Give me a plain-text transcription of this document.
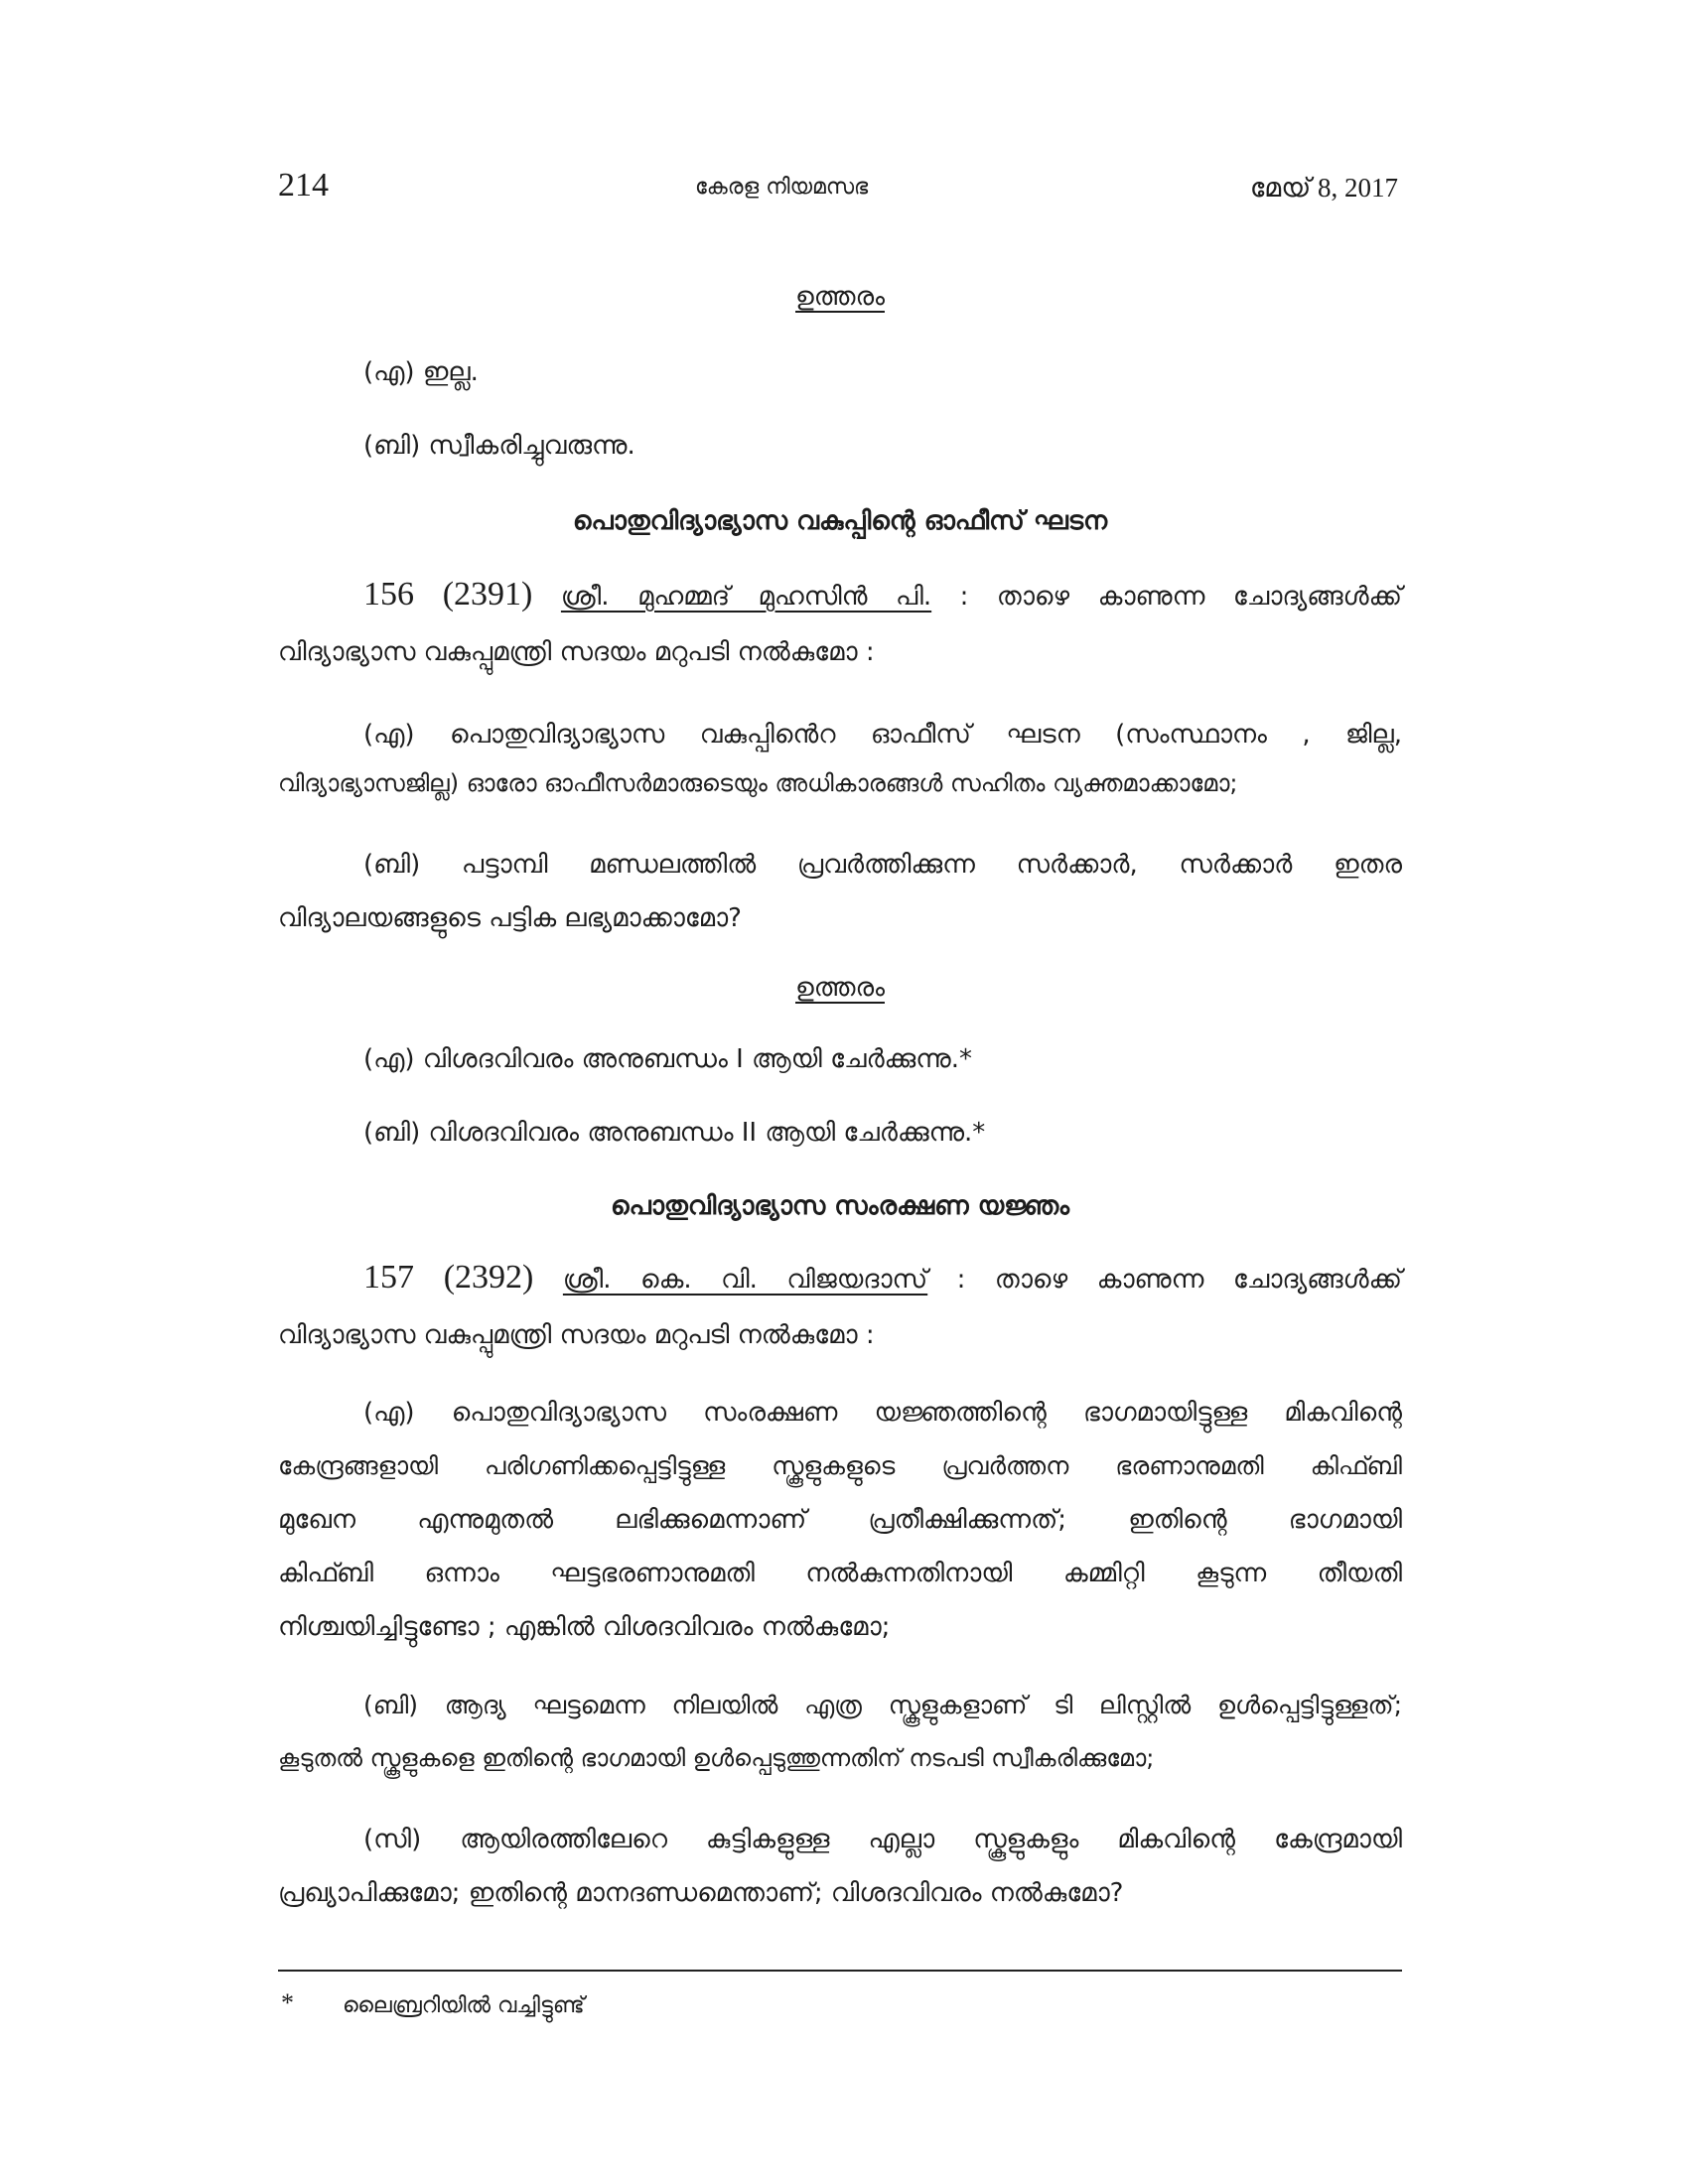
214	കേരള നിയമസഭ	മേയ് 8, 2017
ഉത്തരം
(എ) ഇല്ല.
(ബി) സ്വീകരിച്ചുവരുന്നു.
പൊതുവിദ്യാഭ്യാസ വകുപ്പിന്റെ ഓഫീസ് ഘടന
156 (2391) ശ്രീ. മുഹമ്മദ് മുഹസിൻ പി. : താഴെ കാണുന്ന ചോദ്യങ്ങൾക്ക്
വിദ്യാഭ്യാസ വകുപ്പുമന്ത്രി സദയം മറുപടി നൽകുമോ :
(എ) പൊതുവിദ്യാഭ്യാസ വകുപ്പിൻെറ ഓഫീസ് ഘടന (സംസ്ഥാനം , ജില്ല,
വിദ്യാഭ്യാസജില്ല) ഓരോ ഓഫീസർമാരുടെയും അധികാരങ്ങൾ സഹിതം വ്യക്തമാക്കാമോ;
(ബി) പട്ടാമ്പി മണ്ഡലത്തിൽ പ്രവർത്തിക്കുന്ന സർക്കാർ, സർക്കാർ ഇതര
വിദ്യാലയങ്ങളുടെ പട്ടിക ലഭ്യമാക്കാമോ?
ഉത്തരം
(എ) വിശദവിവരം അനുബന്ധം I ആയി ചേർക്കുന്നു.*
(ബി) വിശദവിവരം അനുബന്ധം II ആയി ചേർക്കുന്നു.*
പൊതുവിദ്യാഭ്യാസ സംരക്ഷണ യജ്ഞം
157 (2392) ശ്രീ. കെ. വി. വിജയദാസ് : താഴെ കാണുന്ന ചോദ്യങ്ങൾക്ക്
വിദ്യാഭ്യാസ വകുപ്പുമന്ത്രി സദയം മറുപടി നൽകുമോ :
(എ) പൊതുവിദ്യാഭ്യാസ സംരക്ഷണ യജ്ഞത്തിന്റെ ഭാഗമായിട്ടുള്ള മികവിന്റെ
കേന്ദ്രങ്ങളായി പരിഗണിക്കപ്പെട്ടിട്ടുള്ള സ്കൂളുകളുടെ പ്രവർത്തന ഭരണാനുമതി കിഫ്ബി
മുഖേന എന്നുമുതൽ ലഭിക്കുമെന്നാണ് പ്രതീക്ഷിക്കുന്നത്; ഇതിന്റെ ഭാഗമായി
കിഫ്ബി ഒന്നാം ഘട്ടഭരണാനുമതി നൽകുന്നതിനായി കമ്മിറ്റി കൂടുന്ന തീയതി
നിശ്ചയിച്ചിട്ടുണ്ടോ ; എങ്കിൽ വിശദവിവരം നൽകുമോ;
(ബി) ആദ്യ ഘട്ടമെന്ന നിലയിൽ എത്ര സ്കൂളുകളാണ് ടി ലിസ്റ്റിൽ ഉൾപ്പെട്ടിട്ടുള്ളത്;
കൂടുതൽ സ്കൂളുകളെ ഇതിന്റെ ഭാഗമായി ഉൾപ്പെടുത്തുന്നതിന് നടപടി സ്വീകരിക്കുമോ;
(സി) ആയിരത്തിലേറെ കുട്ടികളുള്ള എല്ലാ സ്കൂളുകളും മികവിന്റെ കേന്ദ്രമായി
പ്രഖ്യാപിക്കുമോ; ഇതിന്റെ മാനദണ്ഡമെന്താണ്; വിശദവിവരം നൽകുമോ?
* ലൈബ്രറിയിൽ വച്ചിട്ടുണ്ട്
